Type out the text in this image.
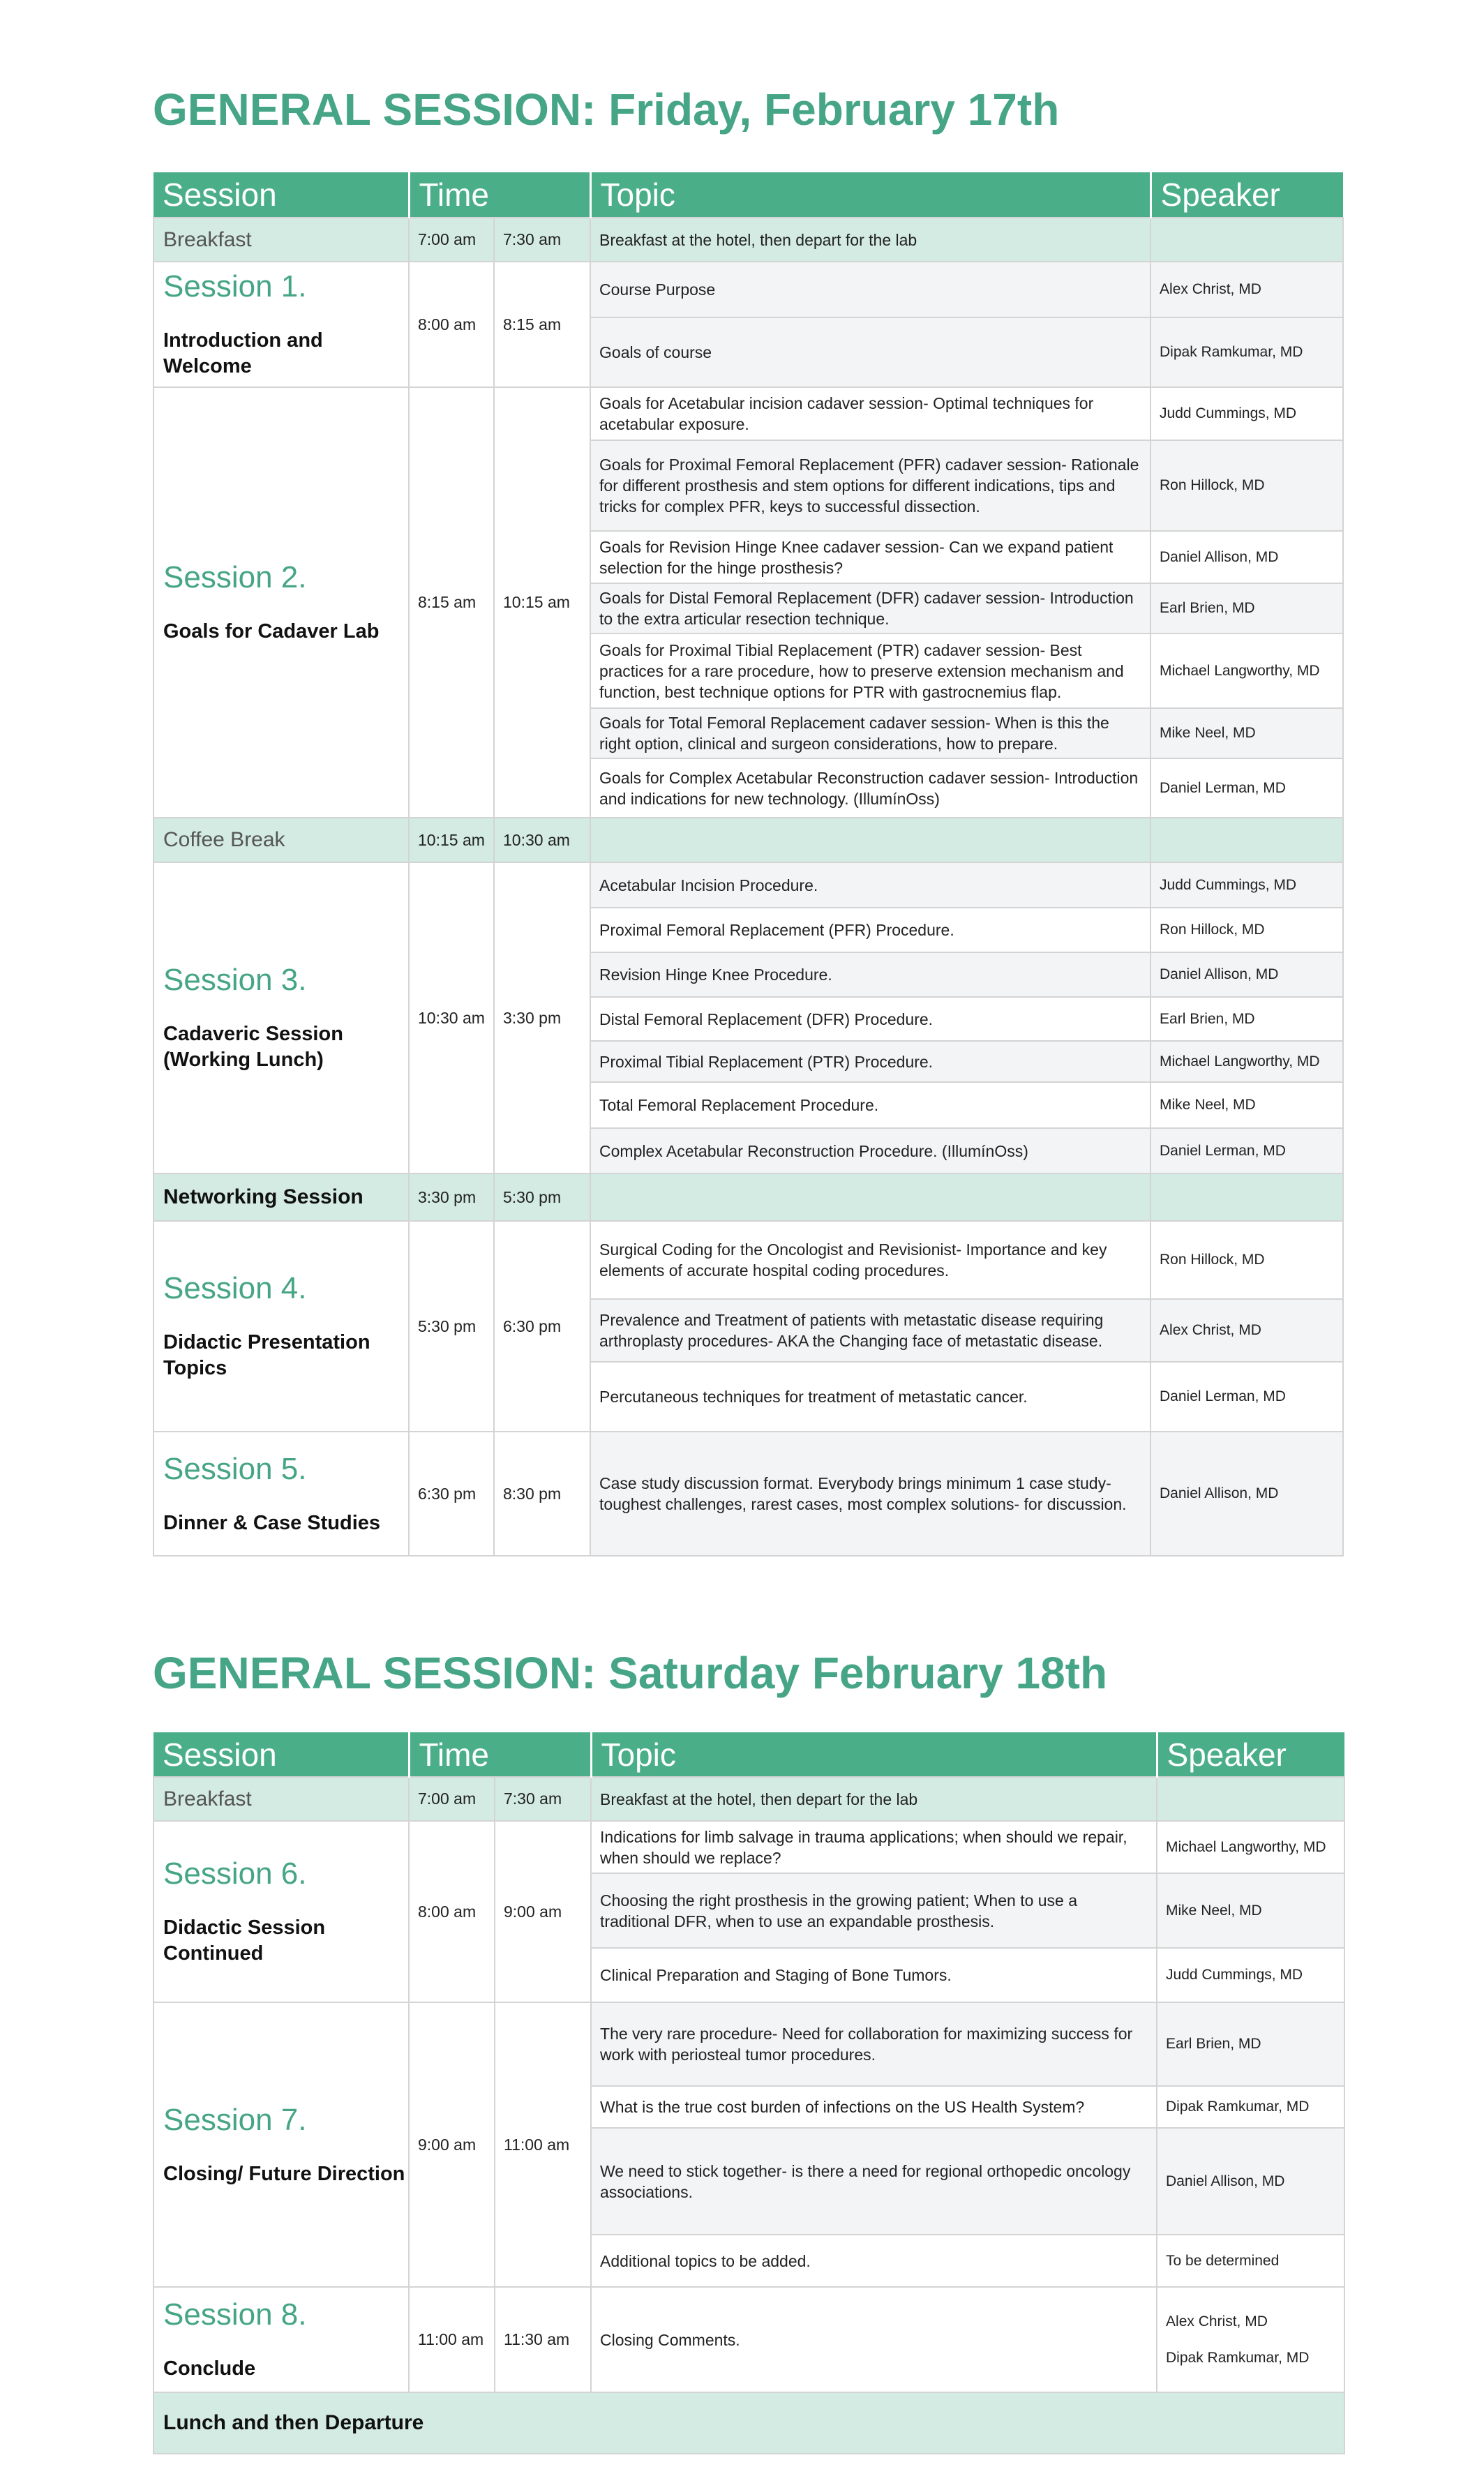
GENERAL SESSION: Friday, February 17th
Session	Time		Topic	Speaker
Breakfast	7:00 am	7:30 am	Breakfast at the hotel, then depart for the lab	

Session 1.
Introduction and Welcome	8:00 am	8:15 am	Course Purpose	Alex Christ, MD
			Goals of course	Dipak Ramkumar, MD

Session 2.
Goals for Cadaver Lab	8:15 am	10:15 am	Goals for Acetabular incision cadaver session- Optimal techniques for acetabular exposure.	Judd Cummings, MD
			Goals for Proximal Femoral Replacement (PFR) cadaver session- Rationale for different prosthesis and stem options for different indications, tips and tricks for complex PFR, keys to successful dissection.	Ron Hillock, MD
			Goals for Revision Hinge Knee cadaver session- Can we expand patient selection for the hinge prosthesis?	Daniel Allison, MD
			Goals for Distal Femoral Replacement (DFR) cadaver session- Introduction to the extra articular resection technique.	Earl Brien, MD
			Goals for Proximal Tibial Replacement (PTR) cadaver session- Best practices for a rare procedure, how to preserve extension mechanism and function, best technique options for PTR with gastrocnemius flap.	Michael Langworthy, MD
			Goals for Total Femoral Replacement cadaver session- When is this the right option, clinical and surgeon considerations, how to prepare.	Mike Neel, MD
			Goals for Complex Acetabular Reconstruction cadaver session- Introduction and indications for new technology. (IllumínOss)	Daniel Lerman, MD
Coffee Break	10:15 am	10:30 am		

Session 3.
Cadaveric Session (Working Lunch)	10:30 am	3:30 pm	Acetabular Incision Procedure.	Judd Cummings, MD
			Proximal Femoral Replacement (PFR) Procedure.	Ron Hillock, MD
			Revision Hinge Knee Procedure.	Daniel Allison, MD
			Distal Femoral Replacement (DFR) Procedure.	Earl Brien, MD
			Proximal Tibial Replacement (PTR) Procedure.	Michael Langworthy, MD
			Total Femoral Replacement Procedure.	Mike Neel, MD
			Complex Acetabular Reconstruction Procedure. (IllumínOss)	Daniel Lerman, MD
Networking Session	3:30 pm	5:30 pm		

Session 4.
Didactic Presentation Topics	5:30 pm	6:30 pm	Surgical Coding for the Oncologist and Revisionist- Importance and key elements of accurate hospital coding procedures.	Ron Hillock, MD
			Prevalence and Treatment of patients with metastatic disease requiring arthroplasty procedures- AKA the Changing face of metastatic disease.	Alex Christ, MD
			Percutaneous techniques for treatment of metastatic cancer.	Daniel Lerman, MD

Session 5.
Dinner & Case Studies	6:30 pm	8:30 pm	Case study discussion format. Everybody brings minimum 1 case study- toughest challenges, rarest cases, most complex solutions- for discussion.	Daniel Allison, MD
GENERAL SESSION: Saturday February 18th
Session	Time		Topic	Speaker
Breakfast	7:00 am	7:30 am	Breakfast at the hotel, then depart for the lab	

Session 6.
Didactic Session Continued	8:00 am	9:00 am	Indications for limb salvage in trauma applications; when should we repair, when should we replace?	Michael Langworthy, MD
			Choosing the right prosthesis in the growing patient; When to use a traditional DFR, when to use an expandable prosthesis.	Mike Neel, MD
			Clinical Preparation and Staging of Bone Tumors.	Judd Cummings, MD

Session 7.
Closing/ Future Direction	9:00 am	11:00 am	The very rare procedure- Need for collaboration for maximizing success for work with periosteal tumor procedures.	Earl Brien, MD
			What is the true cost burden of infections on the US Health System?	Dipak Ramkumar, MD
			We need to stick together- is there a need for regional orthopedic oncology associations.	Daniel Allison, MD
			Additional topics to be added.	To be determined

Session 8.
Conclude	11:00 am	11:30 am	Closing Comments.	Alex Christ, MD
Dipak Ramkumar, MD

Lunch and then Departure				
